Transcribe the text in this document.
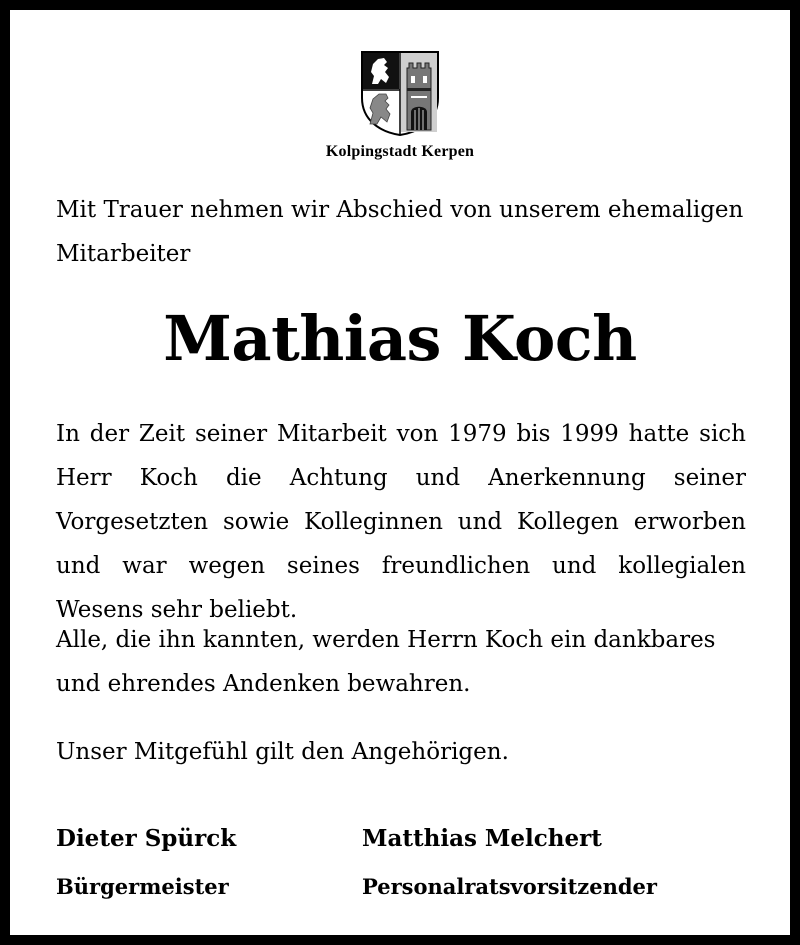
Kolpingstadt Kerpen

Mit Trauer nehmen wir Abschied von unserem ehemaligen Mitarbeiter

Mathias Koch

In der Zeit seiner Mitarbeit von 1979 bis 1999 hatte sich Herr Koch die Achtung und Anerkennung seiner Vorgesetzten sowie Kolleginnen und Kollegen erworben und war wegen seines freundlichen und kollegialen Wesens sehr beliebt.

Alle, die ihn kannten, werden Herrn Koch ein dankbares und ehrendes Andenken bewahren.

Unser Mitgefühl gilt den Angehörigen.

Dieter Spürck
Bürgermeister
Matthias Melchert
Personalratsvorsitzender
